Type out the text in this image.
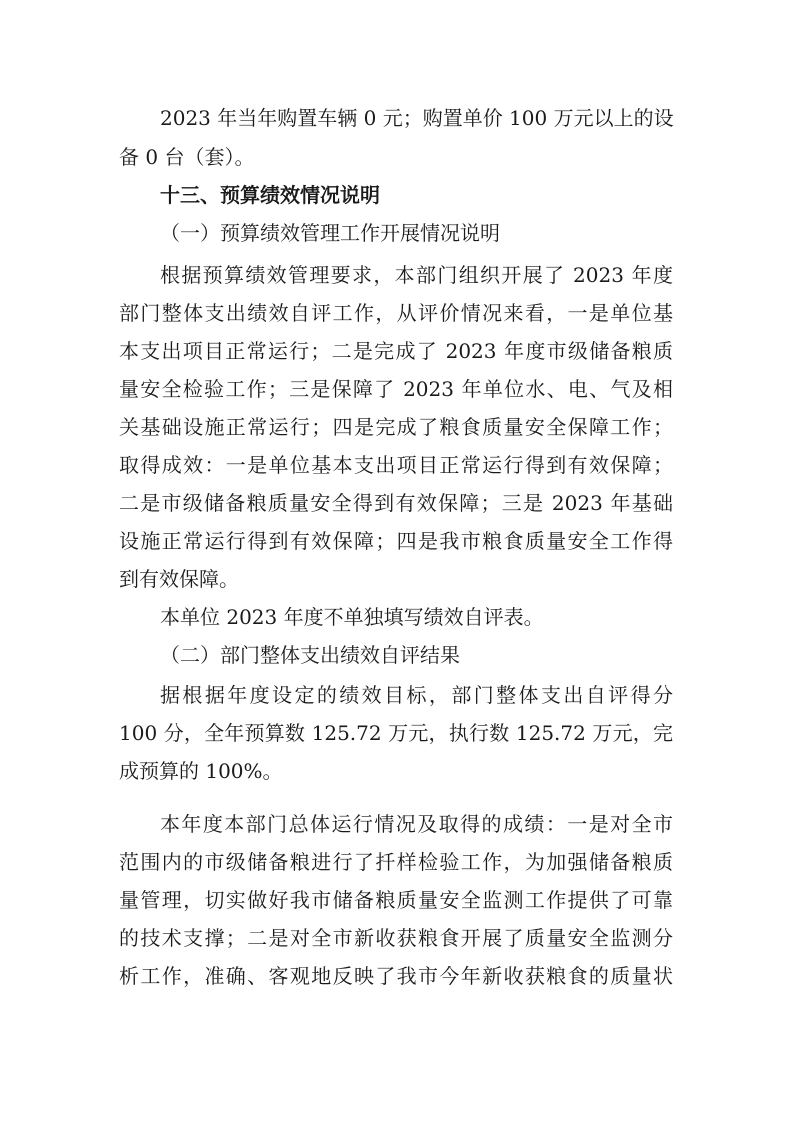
2023 年当年购置车辆 0 元；购置单价 100 万元以上的设
备 0 台（套）。
十三、预算绩效情况说明
（一）预算绩效管理工作开展情况说明
根据预算绩效管理要求，本部门组织开展了 2023 年度
部门整体支出绩效自评工作，从评价情况来看，一是单位基
本支出项目正常运行；二是完成了 2023 年度市级储备粮质
量安全检验工作；三是保障了 2023 年单位水、电、气及相
关基础设施正常运行；四是完成了粮食质量安全保障工作；
取得成效：一是单位基本支出项目正常运行得到有效保障；
二是市级储备粮质量安全得到有效保障；三是 2023 年基础
设施正常运行得到有效保障；四是我市粮食质量安全工作得
到有效保障。
本单位 2023 年度不单独填写绩效自评表。
（二）部门整体支出绩效自评结果
据根据年度设定的绩效目标，部门整体支出自评得分
100 分，全年预算数 125.72 万元，执行数 125.72 万元，完
成预算的 100%。
本年度本部门总体运行情况及取得的成绩：一是对全市
范围内的市级储备粮进行了扦样检验工作，为加强储备粮质
量管理，切实做好我市储备粮质量安全监测工作提供了可靠
的技术支撑；二是对全市新收获粮食开展了质量安全监测分
析工作，准确、客观地反映了我市今年新收获粮食的质量状
